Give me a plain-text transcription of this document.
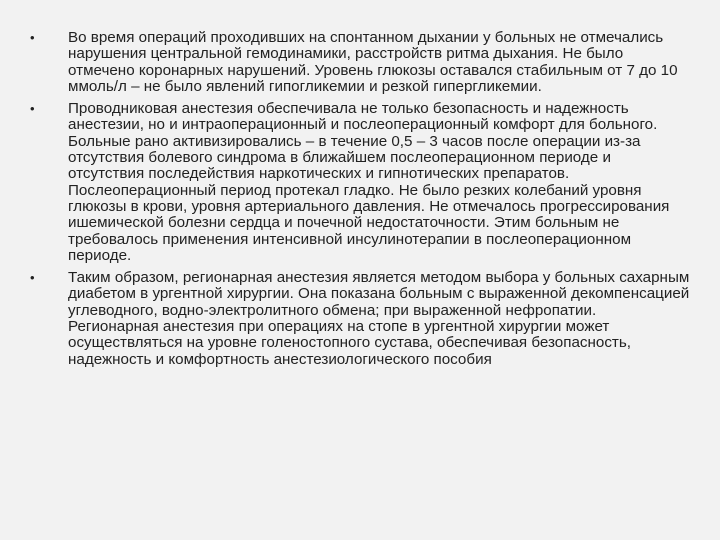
•	Во время операций проходивших на спонтанном дыхании у больных не отмечались нарушения центральной гемодинамики, расстройств ритма дыхания. Не было отмечено коронарных нарушений. Уровень глюкозы оставался стабильным от 7 до 10 ммоль/л – не было явлений гипогликемии и резкой гипергликемии.
•	Проводниковая анестезия обеспечивала не только безопасность и надежность анестезии, но и интраоперационный и послеоперационный комфорт для больного. Больные рано активизировались – в течение 0,5 – 3 часов после операции из-за отсутствия болевого синдрома в ближайшем послеоперационном периоде и отсутствия последействия наркотических и гипнотических препаратов. Послеоперационный период протекал гладко. Не было резких колебаний уровня глюкозы в крови, уровня артериального давления. Не отмечалось прогрессирования ишемической болезни сердца и почечной недостаточности. Этим больным не требовалось применения интенсивной инсулинотерапии в послеоперационном периоде.
•	Таким образом, регионарная анестезия является методом выбора у больных сахарным диабетом в ургентной хирургии. Она показана больным с выраженной декомпенсацией углеводного, водно-электролитного обмена; при выраженной нефропатии. Регионарная анестезия при операциях на стопе в ургентной хирургии может осуществляться на уровне голеностопного сустава, обеспечивая безопасность, надежность и комфортность анестезиологического пособия
